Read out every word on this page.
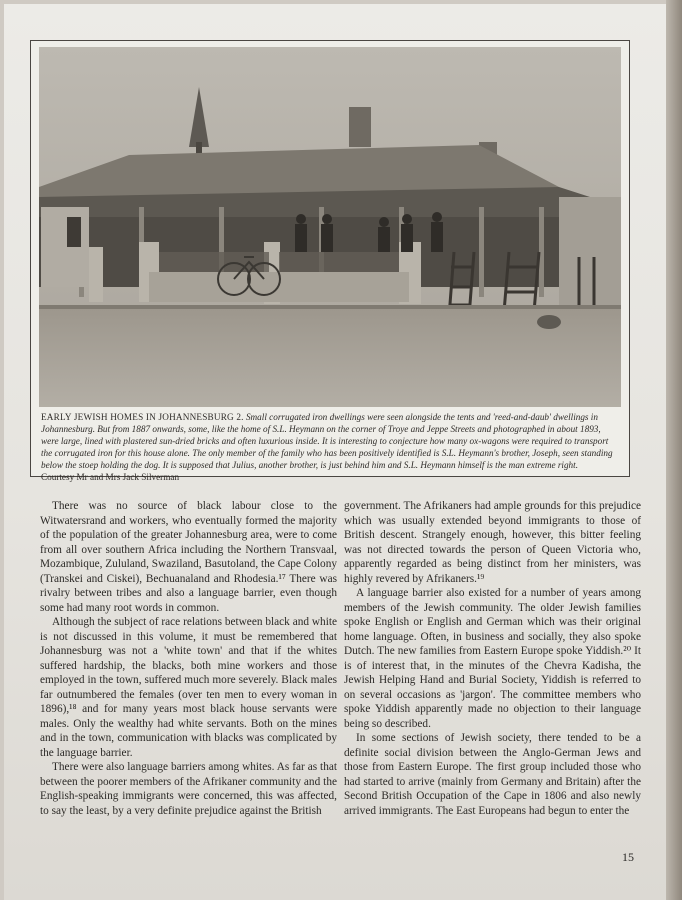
EARLY JEWISH HOMES IN JOHANNESBURG 2. Small corrugated iron dwellings were seen alongside the tents and 'reed-and-daub' dwellings in Johannesburg. But from 1887 onwards, some, like the home of S.L. Heymann on the corner of Troye and Jeppe Streets and photographed in about 1893, were large, lined with plastered sun-dried bricks and often luxurious inside. It is interesting to conjecture how many ox-wagons were required to transport the corrugated iron for this house alone. The only member of the family who has been positively identified is S.L. Heymann's brother, Joseph, seen standing below the stoep holding the dog. It is supposed that Julius, another brother, is just behind him and S.L. Heymann himself is the man extreme right.
Courtesy Mr and Mrs Jack Silverman

There was no source of black labour close to the Witwatersrand and workers, who eventually formed the majority of the population of the greater Johannesburg area, were to come from all over southern Africa including the Northern Transvaal, Mozambique, Zululand, Swaziland, Basutoland, the Cape Colony (Transkei and Ciskei), Bechuanaland and Rhodesia.¹⁷ There was rivalry between tribes and also a language barrier, even though some had many root words in common.

Although the subject of race relations between black and white is not discussed in this volume, it must be remembered that Johannesburg was not a 'white town' and that if the whites suffered hardship, the blacks, both mine workers and those employed in the town, suffered much more severely. Black males far outnumbered the females (over ten men to every woman in 1896),¹⁸ and for many years most black house servants were males. Only the wealthy had white servants. Both on the mines and in the town, communication with blacks was complicated by the language barrier.

There were also language barriers among whites. As far as that between the poorer members of the Afrikaner community and the English-speaking immigrants were concerned, this was affected, to say the least, by a very definite prejudice against the British

government. The Afrikaners had ample grounds for this prejudice which was usually extended beyond immigrants to those of British descent. Strangely enough, however, this bitter feeling was not directed towards the person of Queen Victoria who, apparently regarded as being distinct from her ministers, was highly revered by Afrikaners.¹⁹

A language barrier also existed for a number of years among members of the Jewish community. The older Jewish families spoke English or English and German which was their original home language. Often, in business and socially, they also spoke Dutch. The new families from Eastern Europe spoke Yiddish.²⁰ It is of interest that, in the minutes of the Chevra Kadisha, the Jewish Helping Hand and Burial Society, Yiddish is referred to on several occasions as 'jargon'. The committee members who spoke Yiddish apparently made no objection to their language being so described.

In some sections of Jewish society, there tended to be a definite social division between the Anglo-German Jews and those from Eastern Europe. The first group included those who had started to arrive (mainly from Germany and Britain) after the Second British Occupation of the Cape in 1806 and also newly arrived immigrants. The East Europeans had begun to enter the

15
